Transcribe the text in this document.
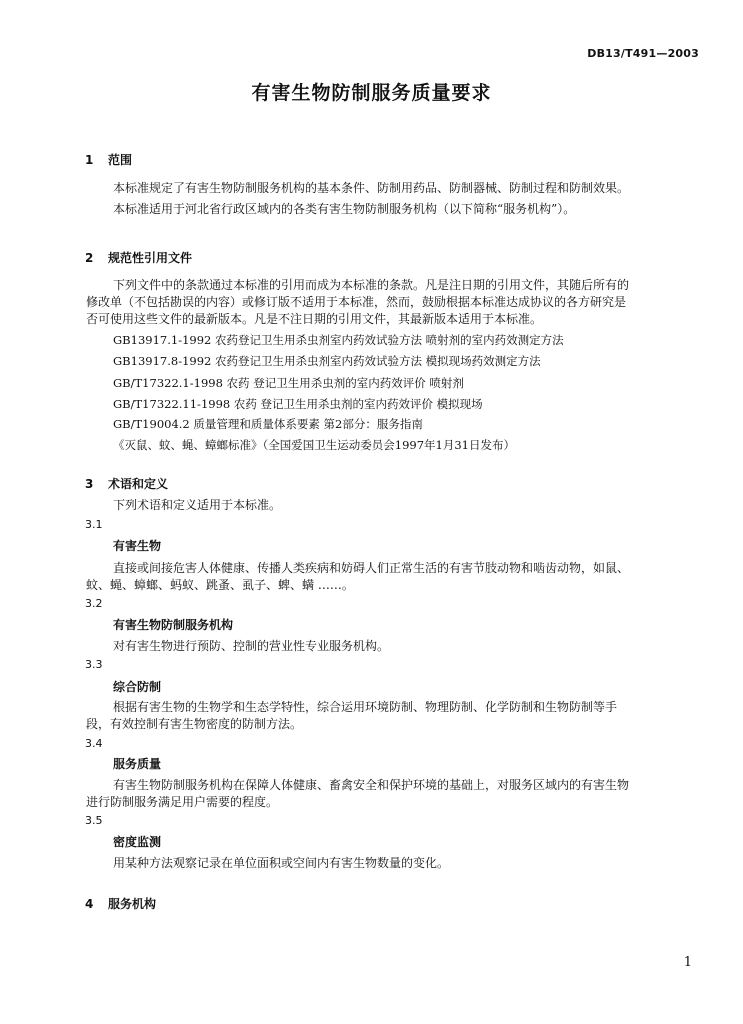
DB13/T491—2003
有害生物防制服务质量要求
1 范围
本标准规定了有害生物防制服务机构的基本条件、防制用药品、防制器械、防制过程和防制效果。
本标准适用于河北省行政区域内的各类有害生物防制服务机构（以下简称“服务机构”）。
2 规范性引用文件
下列文件中的条款通过本标准的引用而成为本标准的条款。凡是注日期的引用文件，其随后所有的
修改单（不包括勘误的内容）或修订版不适用于本标准，然而，鼓励根据本标准达成协议的各方研究是
否可使用这些文件的最新版本。凡是不注日期的引用文件，其最新版本适用于本标准。
GB13917.1-1992 农药登记卫生用杀虫剂室内药效试验方法 喷射剂的室内药效测定方法
GB13917.8-1992 农药登记卫生用杀虫剂室内药效试验方法 模拟现场药效测定方法
GB/T17322.1-1998 农药 登记卫生用杀虫剂的室内药效评价 喷射剂
GB/T17322.11-1998 农药 登记卫生用杀虫剂的室内药效评价 模拟现场
GB/T19004.2 质量管理和质量体系要素 第2部分：服务指南
《灭鼠、蚊、蝇、蟑螂标准》（全国爱国卫生运动委员会1997年1月31日发布）
3 术语和定义
下列术语和定义适用于本标准。
3.1
有害生物
直接或间接危害人体健康、传播人类疾病和妨碍人们正常生活的有害节肢动物和啮齿动物，如鼠、
蚊、蝇、蟑螂、蚂蚁、跳蚤、虱子、蜱、螨 ……。
3.2
有害生物防制服务机构
对有害生物进行预防、控制的营业性专业服务机构。
3.3
综合防制
根据有害生物的生物学和生态学特性，综合运用环境防制、物理防制、化学防制和生物防制等手
段，有效控制有害生物密度的防制方法。
3.4
服务质量
有害生物防制服务机构在保障人体健康、畜禽安全和保护环境的基础上，对服务区域内的有害生物
进行防制服务满足用户需要的程度。
3.5
密度监测
用某种方法观察记录在单位面积或空间内有害生物数量的变化。
4 服务机构
1
